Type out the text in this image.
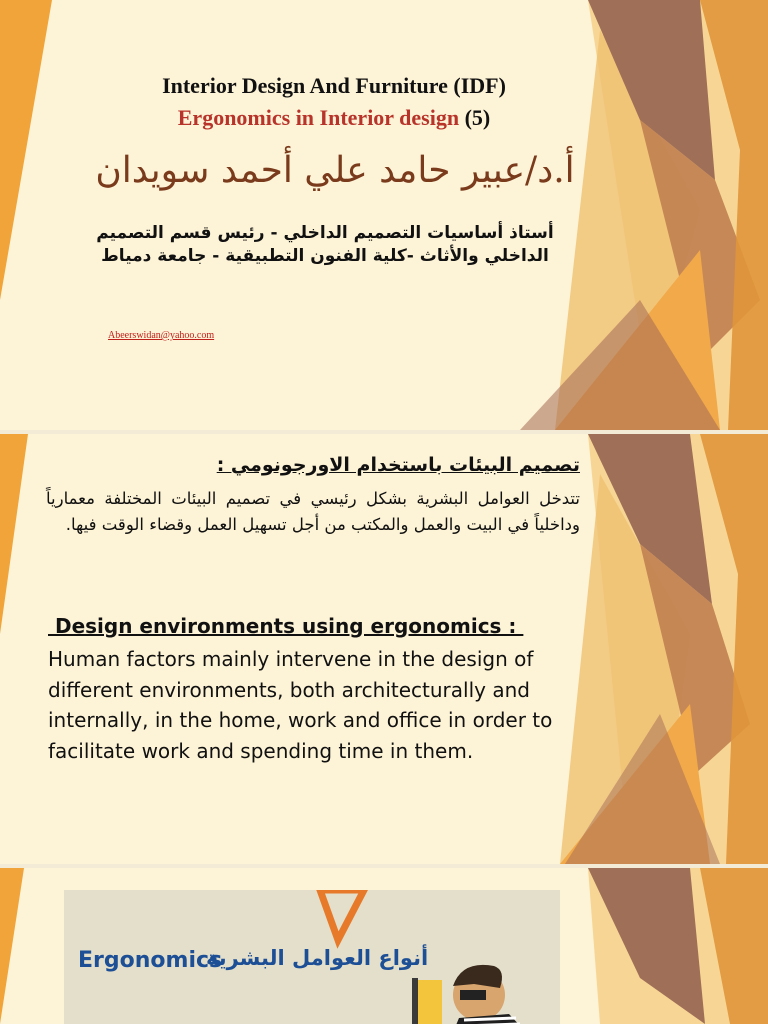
Interior Design And Furniture (IDF)
Ergonomics in Interior design (5)
أ.د/عبير حامد علي أحمد سويدان
أستاذ أساسيات التصميم الداخلي - رئيس قسم التصميم
الداخلي والأثاث -كلية الفنون التطبيقية - جامعة دمياط
Abeerswidan@yahoo.com
تصميم البيئات باستخدام الاورجونومي :
تتدخل العوامل البشرية بشكل رئيسي في تصميم البيئات المختلفة معمارياً وداخلياً في البيت والعمل والمكتب من أجل تسهيل العمل وقضاء الوقت فيها.
Design environments using ergonomics :
Human factors mainly intervene in the design of different environments, both architecturally and internally, in the home, work and office in order to facilitate work and spending time in them.
Ergonomics
أنواع العوامل البشرية
